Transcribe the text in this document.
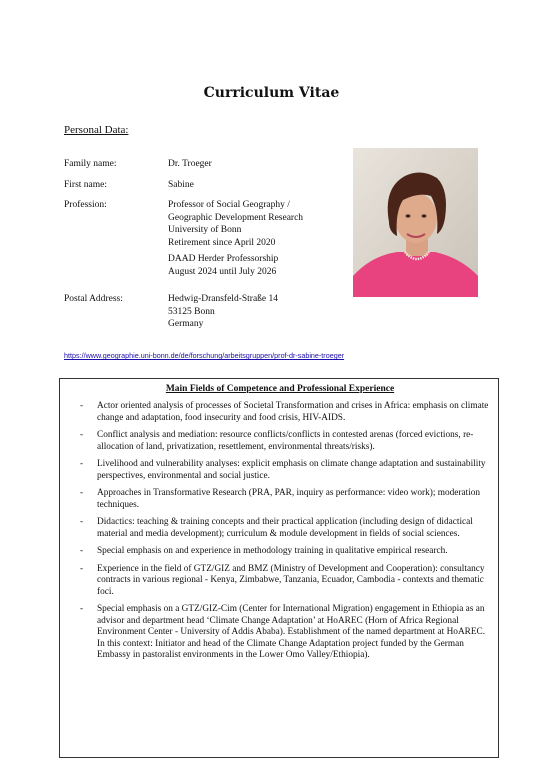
Curriculum Vitae
Personal Data:
Family name:	Dr. Troeger
First name:	Sabine
Profession:	Professor of Social Geography /
Geographic Development Research
University of Bonn
Retirement since April 2020
DAAD Herder Professorship
August 2024 until July 2026
Postal Address:	Hedwig-Dransfeld-Straße 14
53125 Bonn
Germany
https://www.geographie.uni-bonn.de/de/forschung/arbeitsgruppen/prof-dr-sabine-troeger
Main Fields of Competence and Professional Experience
- Actor oriented analysis of processes of Societal Transformation and crises in Africa: emphasis on climate change and adaptation, food insecurity and food crisis, HIV-AIDS.
- Conflict analysis and mediation: resource conflicts/conflicts in contested arenas (forced evictions, re-allocation of land, privatization, resettlement, environmental threats/risks).
- Livelihood and vulnerability analyses: explicit emphasis on climate change adaptation and sustainability perspectives, environmental and social justice.
- Approaches in Transformative Research (PRA, PAR, inquiry as performance: video work); moderation techniques.
- Didactics: teaching & training concepts and their practical application (including design of didactical material and media development); curriculum & module development in fields of social sciences.
- Special emphasis on and experience in methodology training in qualitative empirical research.
- Experience in the field of GTZ/GIZ and BMZ (Ministry of Development and Cooperation): consultancy contracts in various regional - Kenya, Zimbabwe, Tanzania, Ecuador, Cambodia - contexts and thematic foci.
- Special emphasis on a GTZ/GIZ-Cim (Center for International Migration) engagement in Ethiopia as an advisor and department head ‘Climate Change Adaptation’ at HoAREC (Horn of Africa Regional Environment Center - University of Addis Ababa). Establishment of the named department at HoAREC. In this context: Initiator and head of the Climate Change Adaptation project funded by the German Embassy in pastoralist environments in the Lower Omo Valley/Ethiopia).
